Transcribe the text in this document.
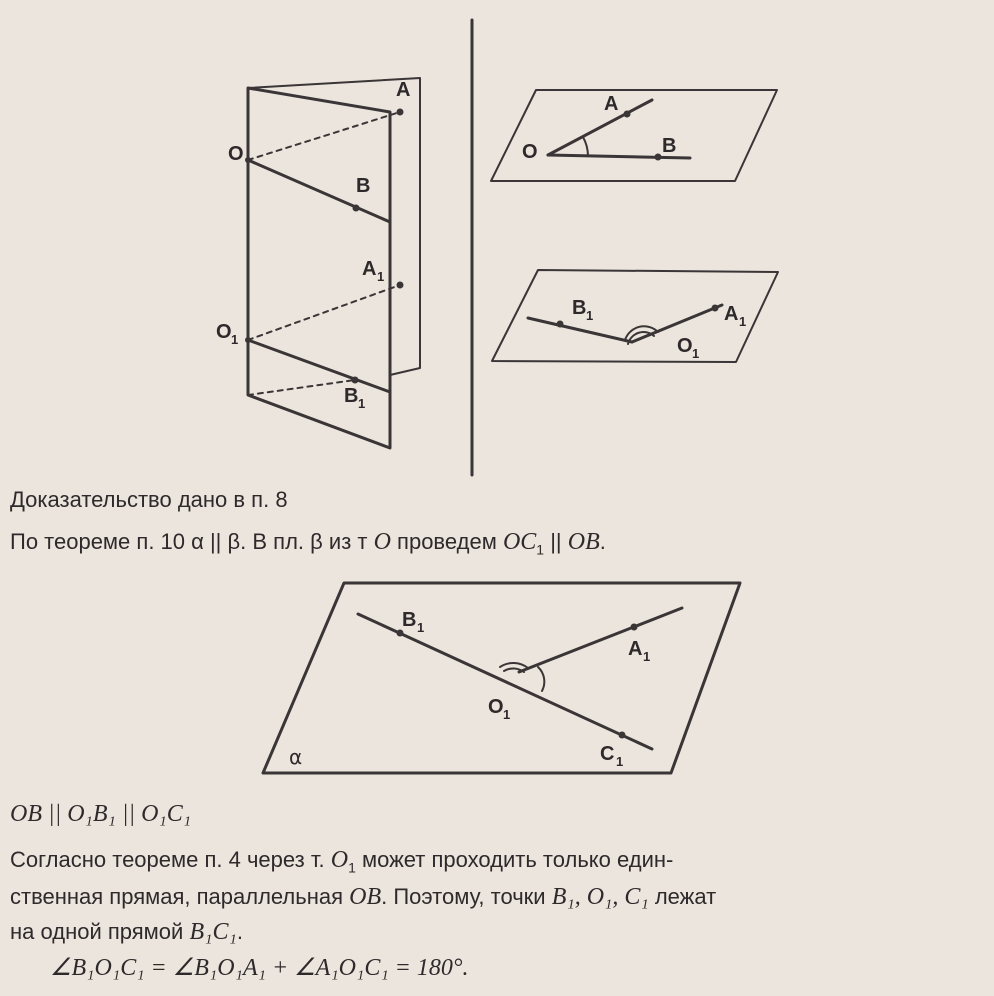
A
O
B
A 1
O 1
B 1
A
O	B
B 1	A 1
O 1
B 1
A 1
O 1
C 1
α
Доказательство дано в п. 8
По теореме п. 10 α || β. В пл. β из т O проведем $OC_1$ || OB.
OB || O₁B₁ || O₁C₁
Согласно теореме п. 4 через т. $O_1$ может проходить только един-
ственная прямая, параллельная OB. Поэтому, точки B₁, O₁, C₁ лежат
на одной прямой B₁C₁.
∠B₁O₁C₁ = ∠B₁O₁A₁ + ∠A₁O₁C₁ = 180°.
